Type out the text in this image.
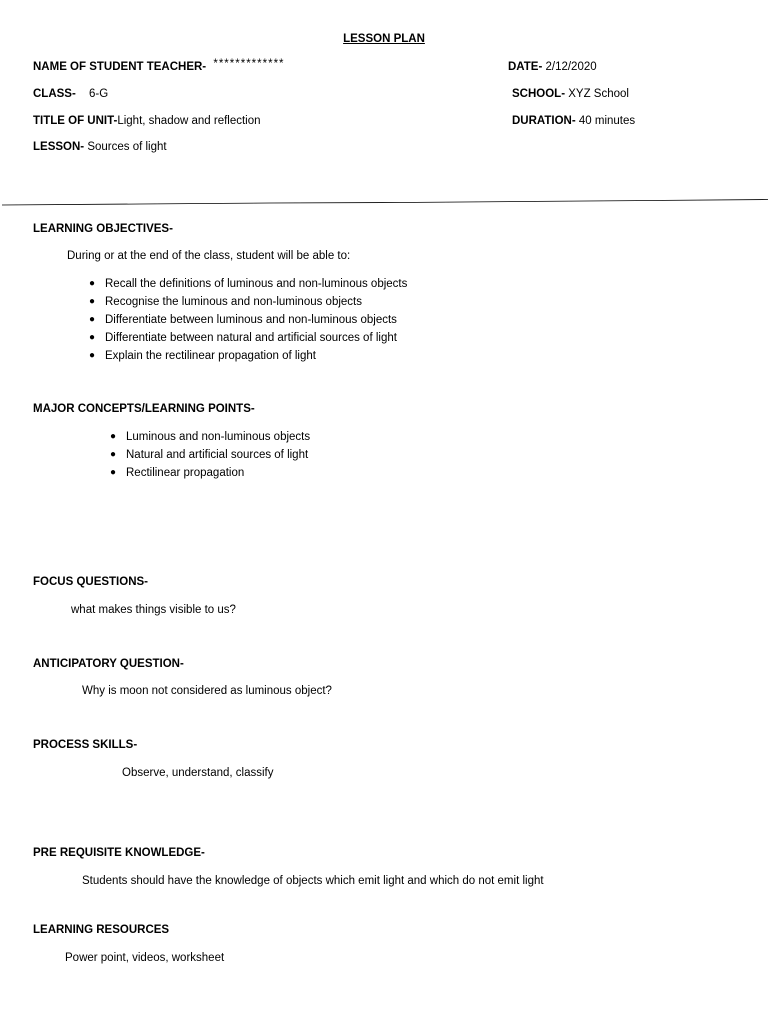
LESSON PLAN
NAME OF STUDENT TEACHER- *************	DATE- 2/12/2020
CLASS- 6-G	SCHOOL- XYZ School
TITLE OF UNIT-Light, shadow and reflection	DURATION- 40 minutes
LESSON- Sources of light
LEARNING OBJECTIVES-
During or at the end of the class, student will be able to:
● Recall the definitions of luminous and non-luminous objects
● Recognise the luminous and non-luminous objects
● Differentiate between luminous and non-luminous objects
● Differentiate between natural and artificial sources of light
● Explain the rectilinear propagation of light
MAJOR CONCEPTS/LEARNING POINTS-
● Luminous and non-luminous objects
● Natural and artificial sources of light
● Rectilinear propagation
FOCUS QUESTIONS-
what makes things visible to us?
ANTICIPATORY QUESTION-
Why is moon not considered as luminous object?
PROCESS SKILLS-
Observe, understand, classify
PRE REQUISITE KNOWLEDGE-
Students should have the knowledge of objects which emit light and which do not emit light
LEARNING RESOURCES
Power point, videos, worksheet
